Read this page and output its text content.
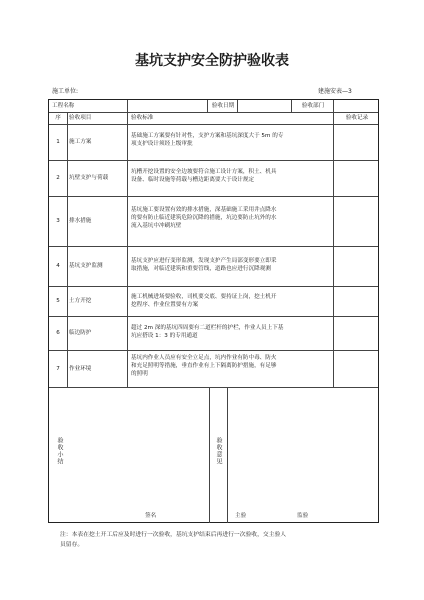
基坑支护安全防护验收表
施工单位:	建施安表—3
工程名称	验收日期	验收部门
序	验收项目	验收标准	验收记录
1	施工方案
基础施工方案要有针对性，支护方案和基坑深度大于 5m 的专
项支护设计须经上级审批
2	坑壁支护与荷载
坑槽开挖设置的安全边坡要符合施工设计方案，积土、机具
设备、临时设施等荷载与槽边距离要大于设计规定
3	排水措施
基坑施工要设置有效的排水措施，深基础施工采用井点降水
的要有防止临近建筑危险沉降的措施，坑边要防止坑外的水
流入基坑中冲刷坑壁
4	基坑支护监测
基坑支护应进行变形监测，发现支护产生局部变形要立即采
取措施，对临近建筑和重要管线，道路也应进行沉降观测
5	土方开挖
施工机械进场要验收，司机要交底、要持证上岗，挖土机开
挖程序、作业位置要有方案
6	临边防护
超过 2m 深的基坑四周要有二道栏杆的护栏，作业人员上下基
坑应搭设 1：3 的专用通道
7	作业环境
基坑内作业人员应有安全立足点，坑内作业有防中毒、防火
和充足照明等措施，垂直作业有上下隔离防护措施，有足够
的照明
验收小结	验收意见
签名	主验	监验
注：本表在挖土开工后应及时进行一次验收，基坑支护结束后再进行一次验收，交主验人
员留存。
